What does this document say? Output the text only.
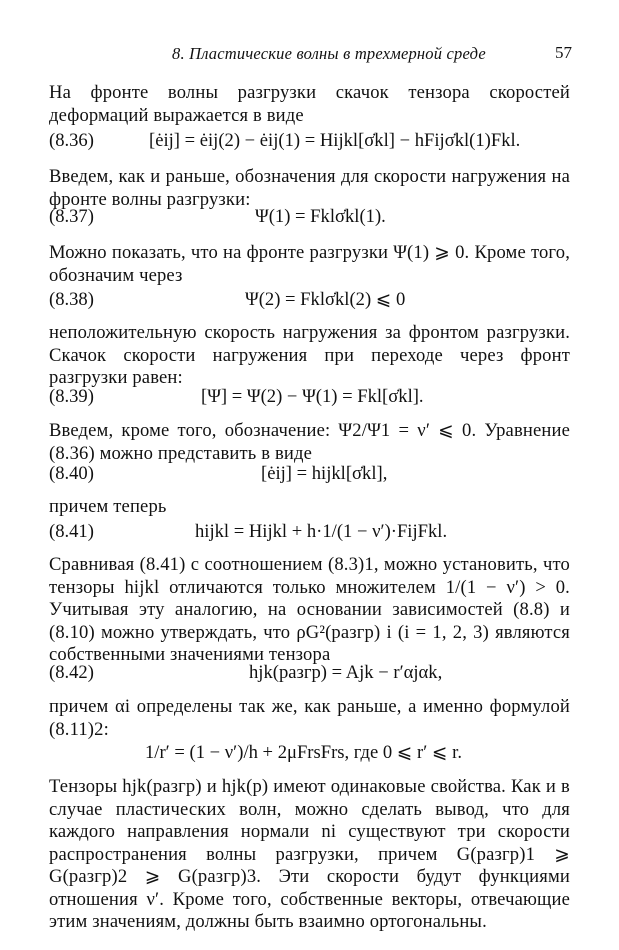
8. Пластические волны в трехмерной среде	57

На фронте волны разгрузки скачок тензора скоростей деформаций выражается в виде

(8.36)	[ėij] = ėij(2) − ėij(1) = Hijkl[σ̇kl] − hFijσ̇kl(1)Fkl.

Введем, как и раньше, обозначения для скорости нагружения на фронте волны разгрузки:

(8.37)	Ψ(1) = Fklσ̇kl(1).

Можно показать, что на фронте разгрузки Ψ(1) ⩾ 0. Кроме того, обозначим через

(8.38)	Ψ(2) = Fklσ̇kl(2) ⩽ 0

неположительную скорость нагружения за фронтом разгрузки. Скачок скорости нагружения при переходе через фронт разгрузки равен:

(8.39)	[Ψ] = Ψ(2) − Ψ(1) = Fkl[σ̇kl].

Введем, кроме того, обозначение: Ψ2/Ψ1 = ν′ ⩽ 0. Уравнение (8.36) можно представить в виде

(8.40)	[ėij] = hijkl[σ̇kl],

причем теперь

(8.41)	hijkl = Hijkl + h·1/(1 − ν′)·FijFkl.

Сравнивая (8.41) с соотношением (8.3)1, можно установить, что тензоры hijkl отличаются только множителем 1/(1 − ν′) > 0. Учитывая эту аналогию, на основании зависимостей (8.8) и (8.10) можно утверждать, что ρG²(разгр) i (i = 1, 2, 3) являются собственными значениями тензора

(8.42)	hjk(разгр) = Ajk − r′αjαk,

причем αi определены так же, как раньше, а именно формулой (8.11)2:

1/r′ = (1 − ν′)/h + 2μFrsFrs, где 0 ⩽ r′ ⩽ r.

Тензоры hjk(разгр) и hjk(p) имеют одинаковые свойства. Как и в случае пластических волн, можно сделать вывод, что для каждого направления нормали ni существуют три скорости распространения волны разгрузки, причем G(разгр)1 ⩾ G(разгр)2 ⩾ G(разгр)3. Эти скорости будут функциями отношения ν′. Кроме того, собственные векторы, отвечающие этим значениям, должны быть взаимно ортогональны.
